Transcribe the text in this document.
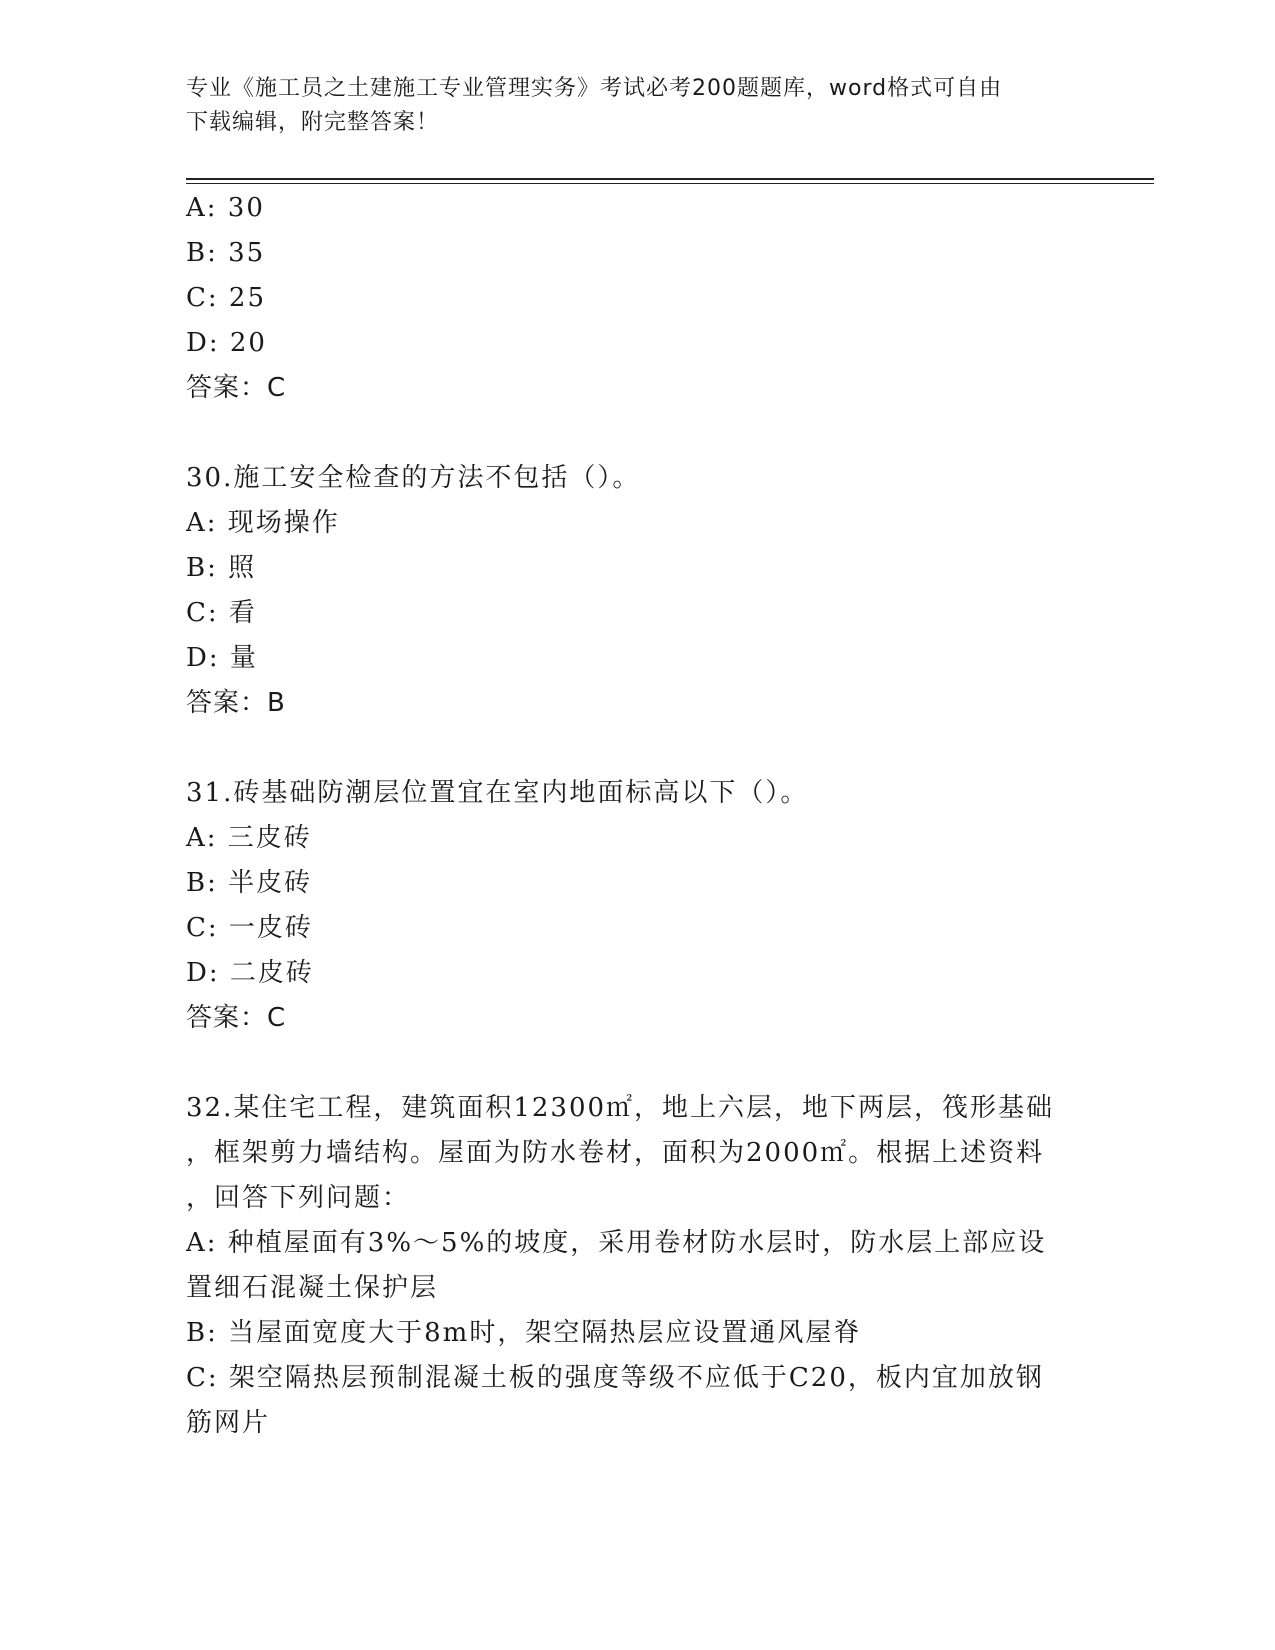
专业《施工员之土建施工专业管理实务》考试必考200题题库，word格式可自由
下载编辑，附完整答案！
A: 30
B: 35
C: 25
D: 20
答案：C
30.施工安全检查的方法不包括（）。
A: 现场操作
B: 照
C: 看
D: 量
答案：B
31.砖基础防潮层位置宜在室内地面标高以下（）。
A: 三皮砖
B: 半皮砖
C: 一皮砖
D: 二皮砖
答案：C
32.某住宅工程，建筑面积12300㎡，地上六层，地下两层，筏形基础
，框架剪力墙结构。屋面为防水卷材，面积为2000㎡。根据上述资料
，回答下列问题：
A: 种植屋面有3%～5%的坡度，采用卷材防水层时，防水层上部应设
置细石混凝土保护层
B: 当屋面宽度大于8m时，架空隔热层应设置通风屋脊
C: 架空隔热层预制混凝土板的强度等级不应低于C20，板内宜加放钢
筋网片
